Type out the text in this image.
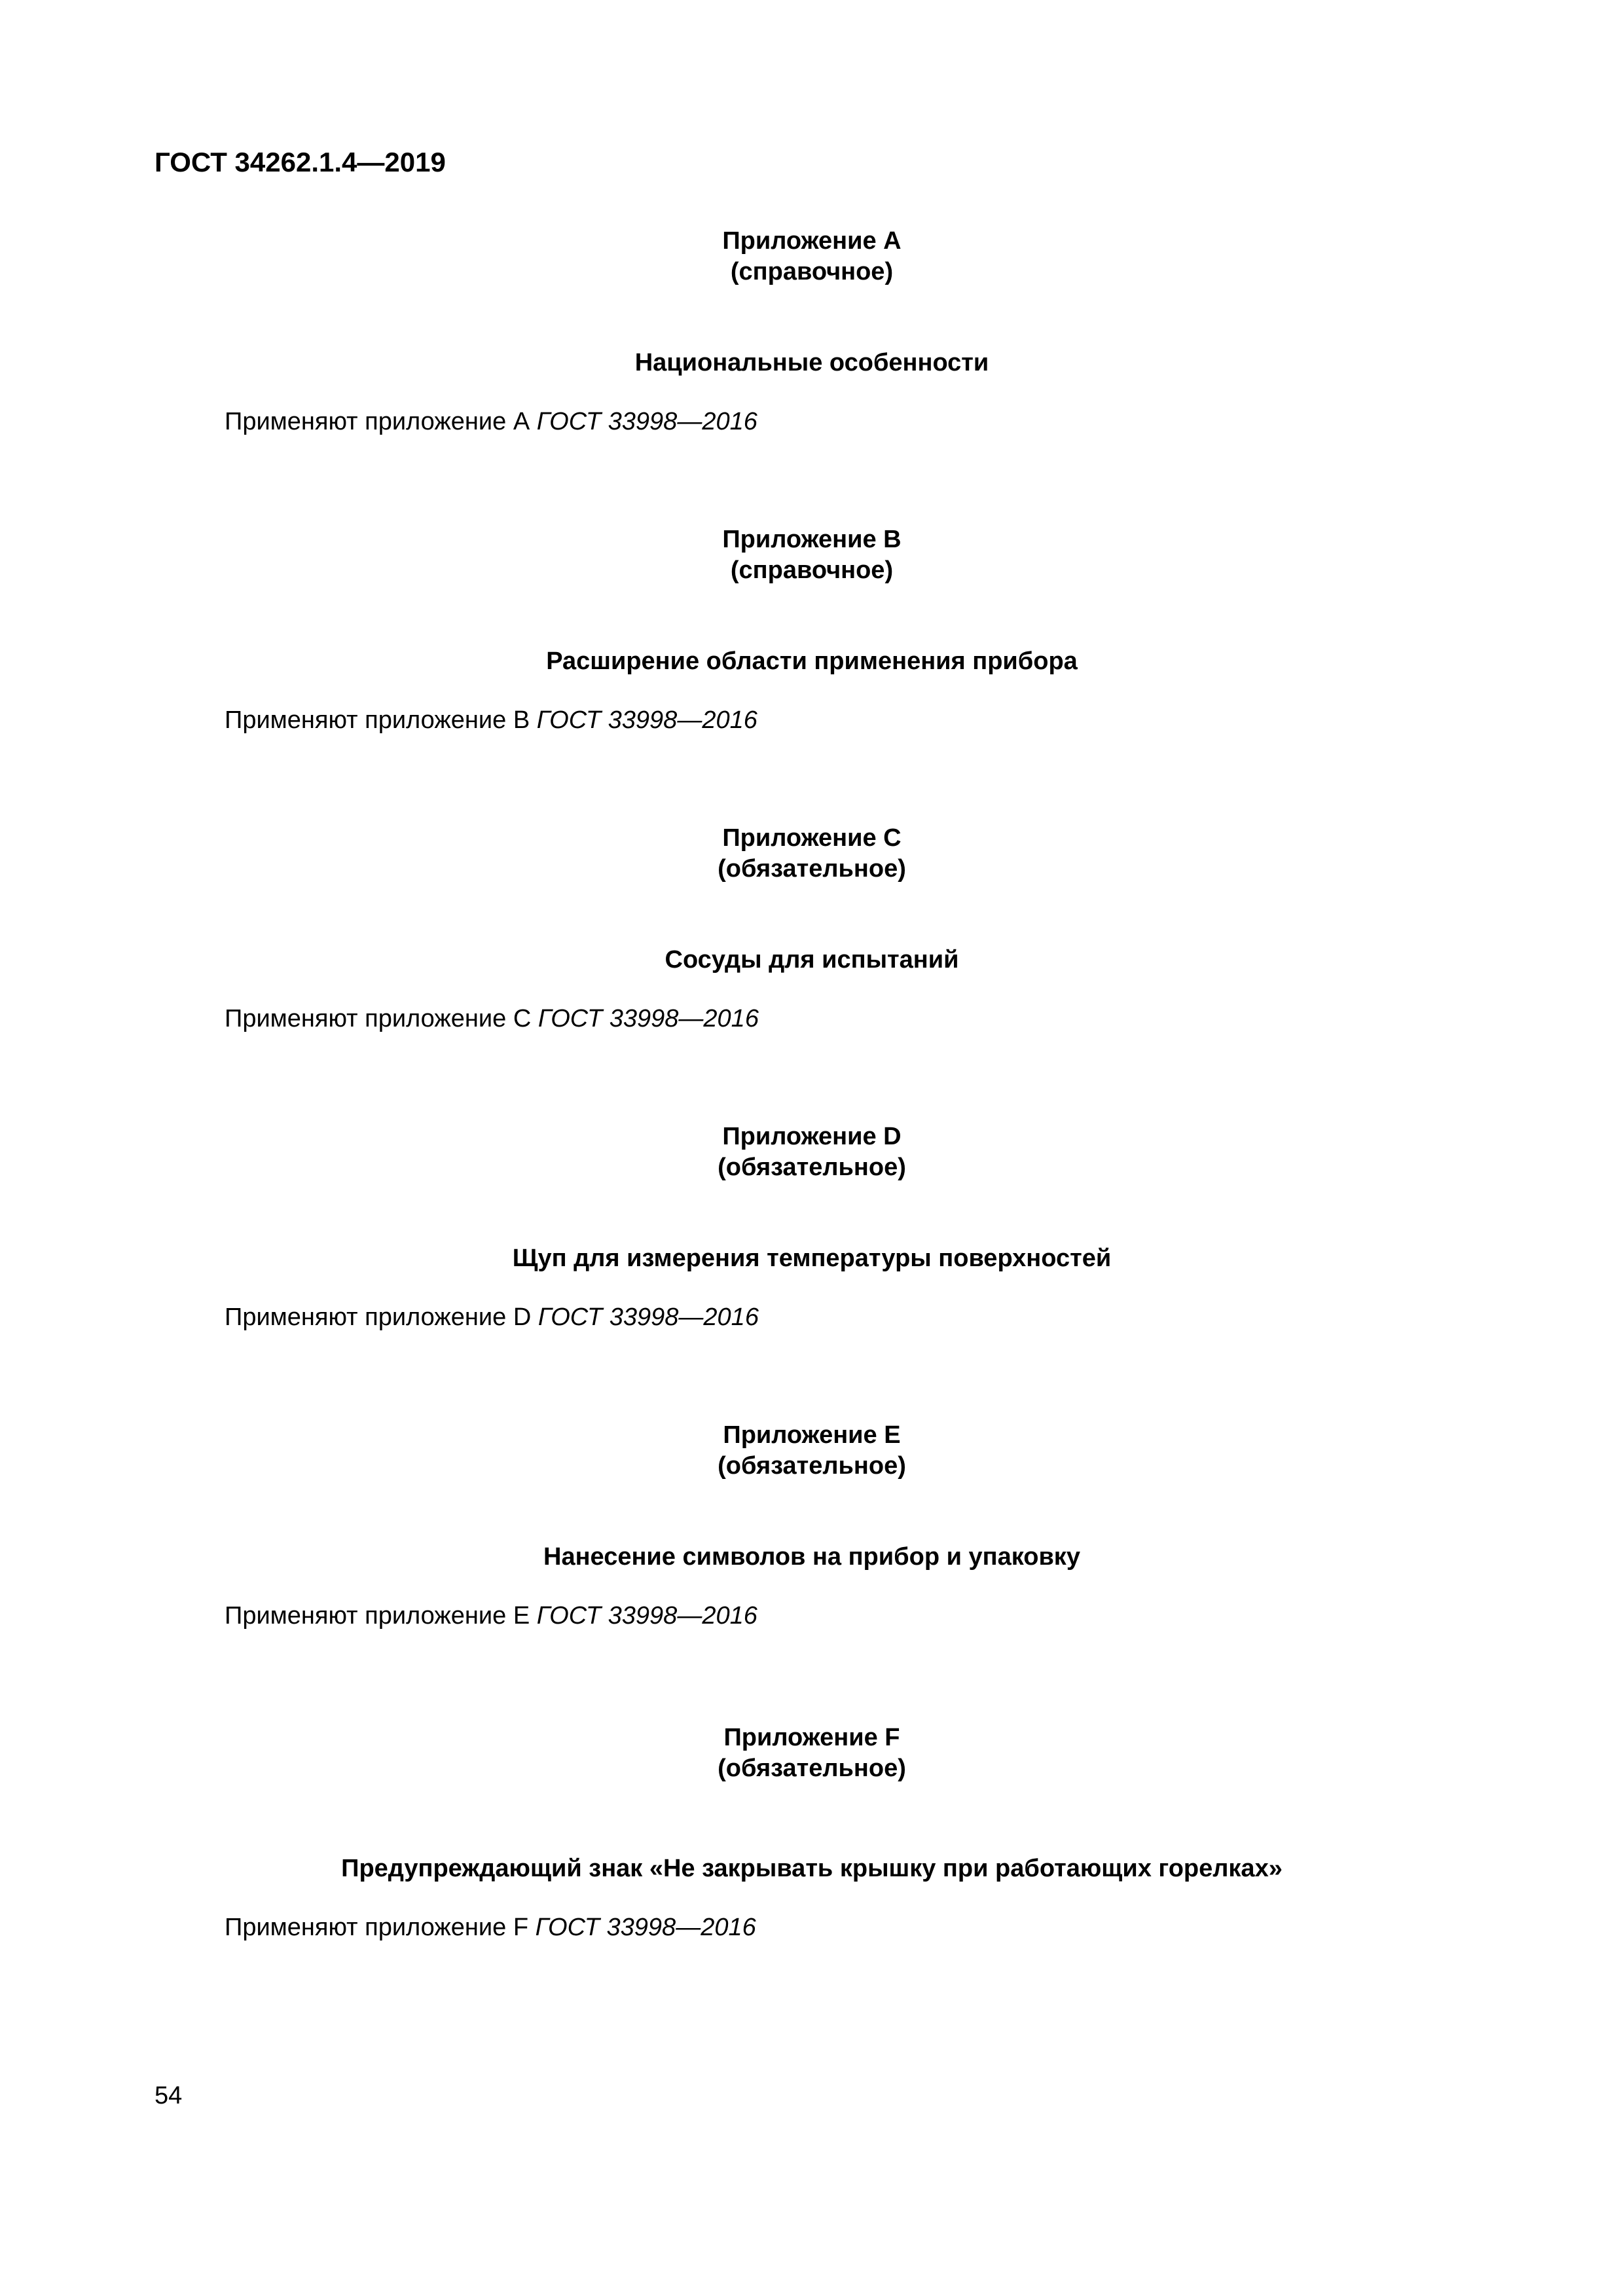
ГОСТ 34262.1.4—2019
Приложение А
(справочное)
Национальные особенности
Применяют приложение А ГОСТ 33998—2016
Приложение В
(справочное)
Расширение области применения прибора
Применяют приложение В ГОСТ 33998—2016
Приложение С
(обязательное)
Сосуды для испытаний
Применяют приложение С ГОСТ 33998—2016
Приложение D
(обязательное)
Щуп для измерения температуры поверхностей
Применяют приложение D ГОСТ 33998—2016
Приложение Е
(обязательное)
Нанесение символов на прибор и упаковку
Применяют приложение Е ГОСТ 33998—2016
Приложение F
(обязательное)
Предупреждающий знак «Не закрывать крышку при работающих горелках»
Применяют приложение F ГОСТ 33998—2016
54
